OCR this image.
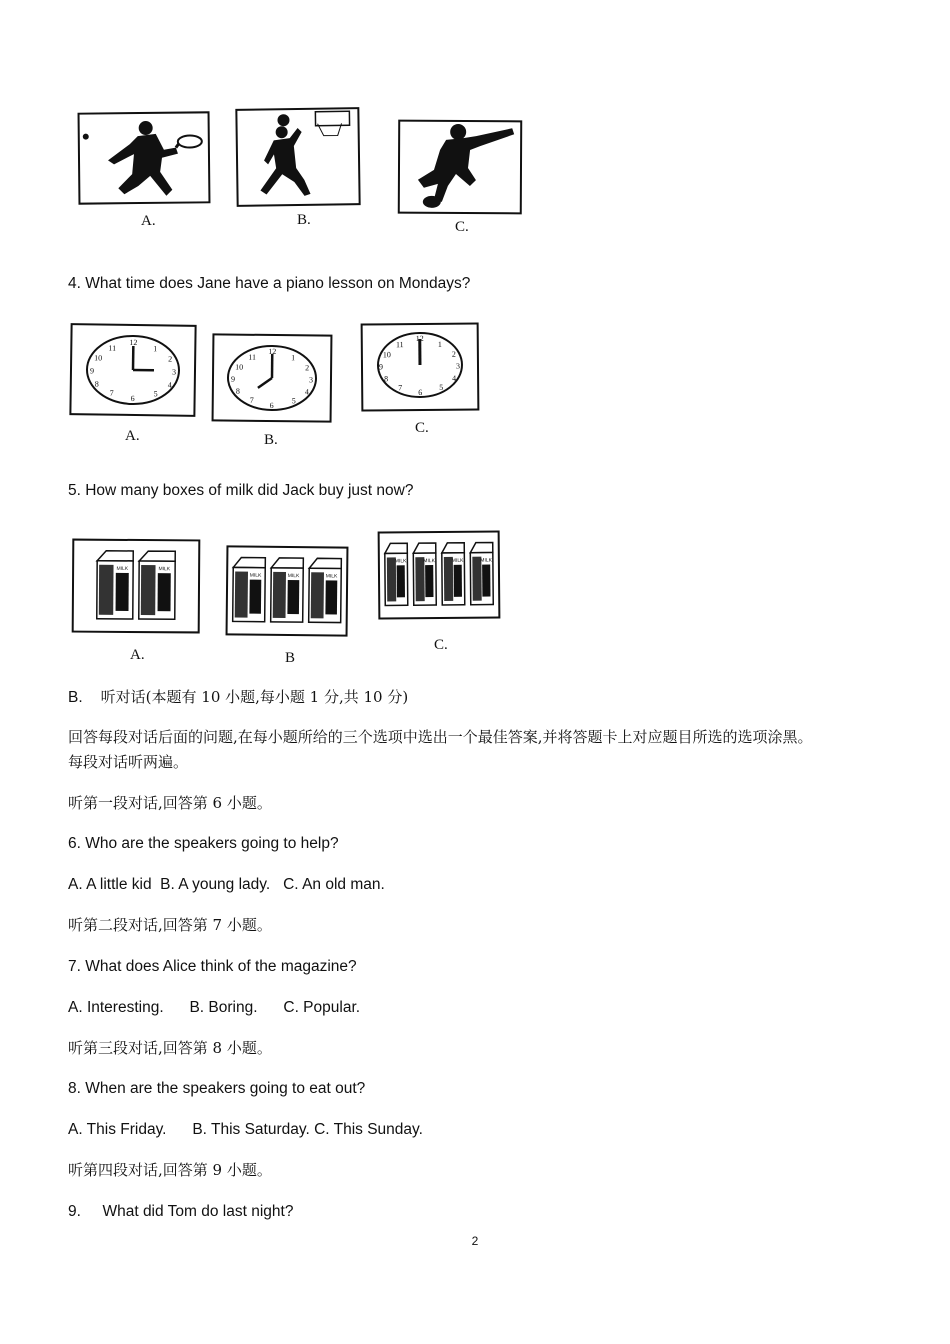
A.	B.	C.
4. What time does Jane have a piano lesson on Mondays?
12
1
2
3
4
5
6
7
8
9
10
11	12
1
2
3
4
5
6
7
8
9
10
11
12
1
2
3
4
5
6
7
8
9
10
11
A.	B.
C.
5. How many boxes of milk did Jack buy just now?
MILK	MILK
MILK	MILK	MILK
MILK	MILK	MILK	MILK
A.	B
C.
B. 听对话(本题有 10 小题,每小题 1 分,共 10 分)
回答每段对话后面的问题,在每小题所给的三个选项中选出一个最佳答案,并将答题卡上对应题目所选的选项涂黑。
每段对话听两遍。
听第一段对话,回答第 6 小题。
6. Who are the speakers going to help?
A. A little kid  B. A young lady.   C. An old man.
听第二段对话,回答第 7 小题。
7. What does Alice think of the magazine?
A. Interesting.      B. Boring.      C. Popular.
听第三段对话,回答第 8 小题。
8. When are the speakers going to eat out?
A. This Friday.      B. This Saturday. C. This Sunday.
听第四段对话,回答第 9 小题。
9.     What did Tom do last night?
2
